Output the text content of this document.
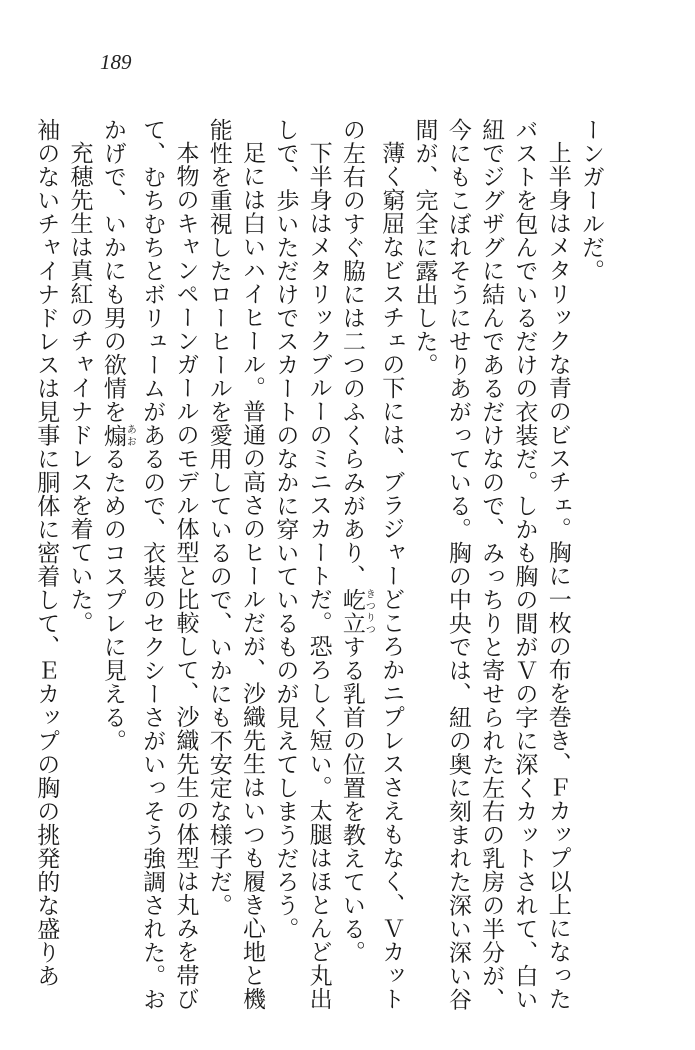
189

ーンガールだ。

上半身はメタリックな青のビスチェ。胸に一枚の布を巻き、Ｆカップ以上になった

バストを包んでいるだけの衣装だ。しかも胸の間がＶの字に深くカットされて、白い

紐でジグザグに結んであるだけなので、みっちりと寄せられた左右の乳房の半分が、

今にもこぼれそうにせりあがっている。胸の中央では、紐の奥に刻まれた深い深い谷

間が、完全に露出した。

薄く窮屈なビスチェの下には、ブラジャーどころかニプレスさえもなく、Ｖカット

の左右のすぐ脇には二つのふくらみがあり、屹立きつりつする乳首の位置を教えている。

下半身はメタリックブルーのミニスカートだ。恐ろしく短い。太腿はほとんど丸出

しで、歩いただけでスカートのなかに穿いているものが見えてしまうだろう。

足には白いハイヒール。普通の高さのヒールだが、沙織先生はいつも履き心地と機

能性を重視したローヒールを愛用しているので、いかにも不安定な様子だ。

本物のキャンペーンガールのモデル体型と比較して、沙織先生の体型は丸みを帯び

て、むちむちとボリュームがあるので、衣装のセクシーさがいっそう強調された。お

かげで、いかにも男の欲情を煽あおるためのコスプレに見える。

充穂先生は真紅のチャイナドレスを着ていた。

袖のないチャイナドレスは見事に胴体に密着して、Ｅカップの胸の挑発的な盛りあ
